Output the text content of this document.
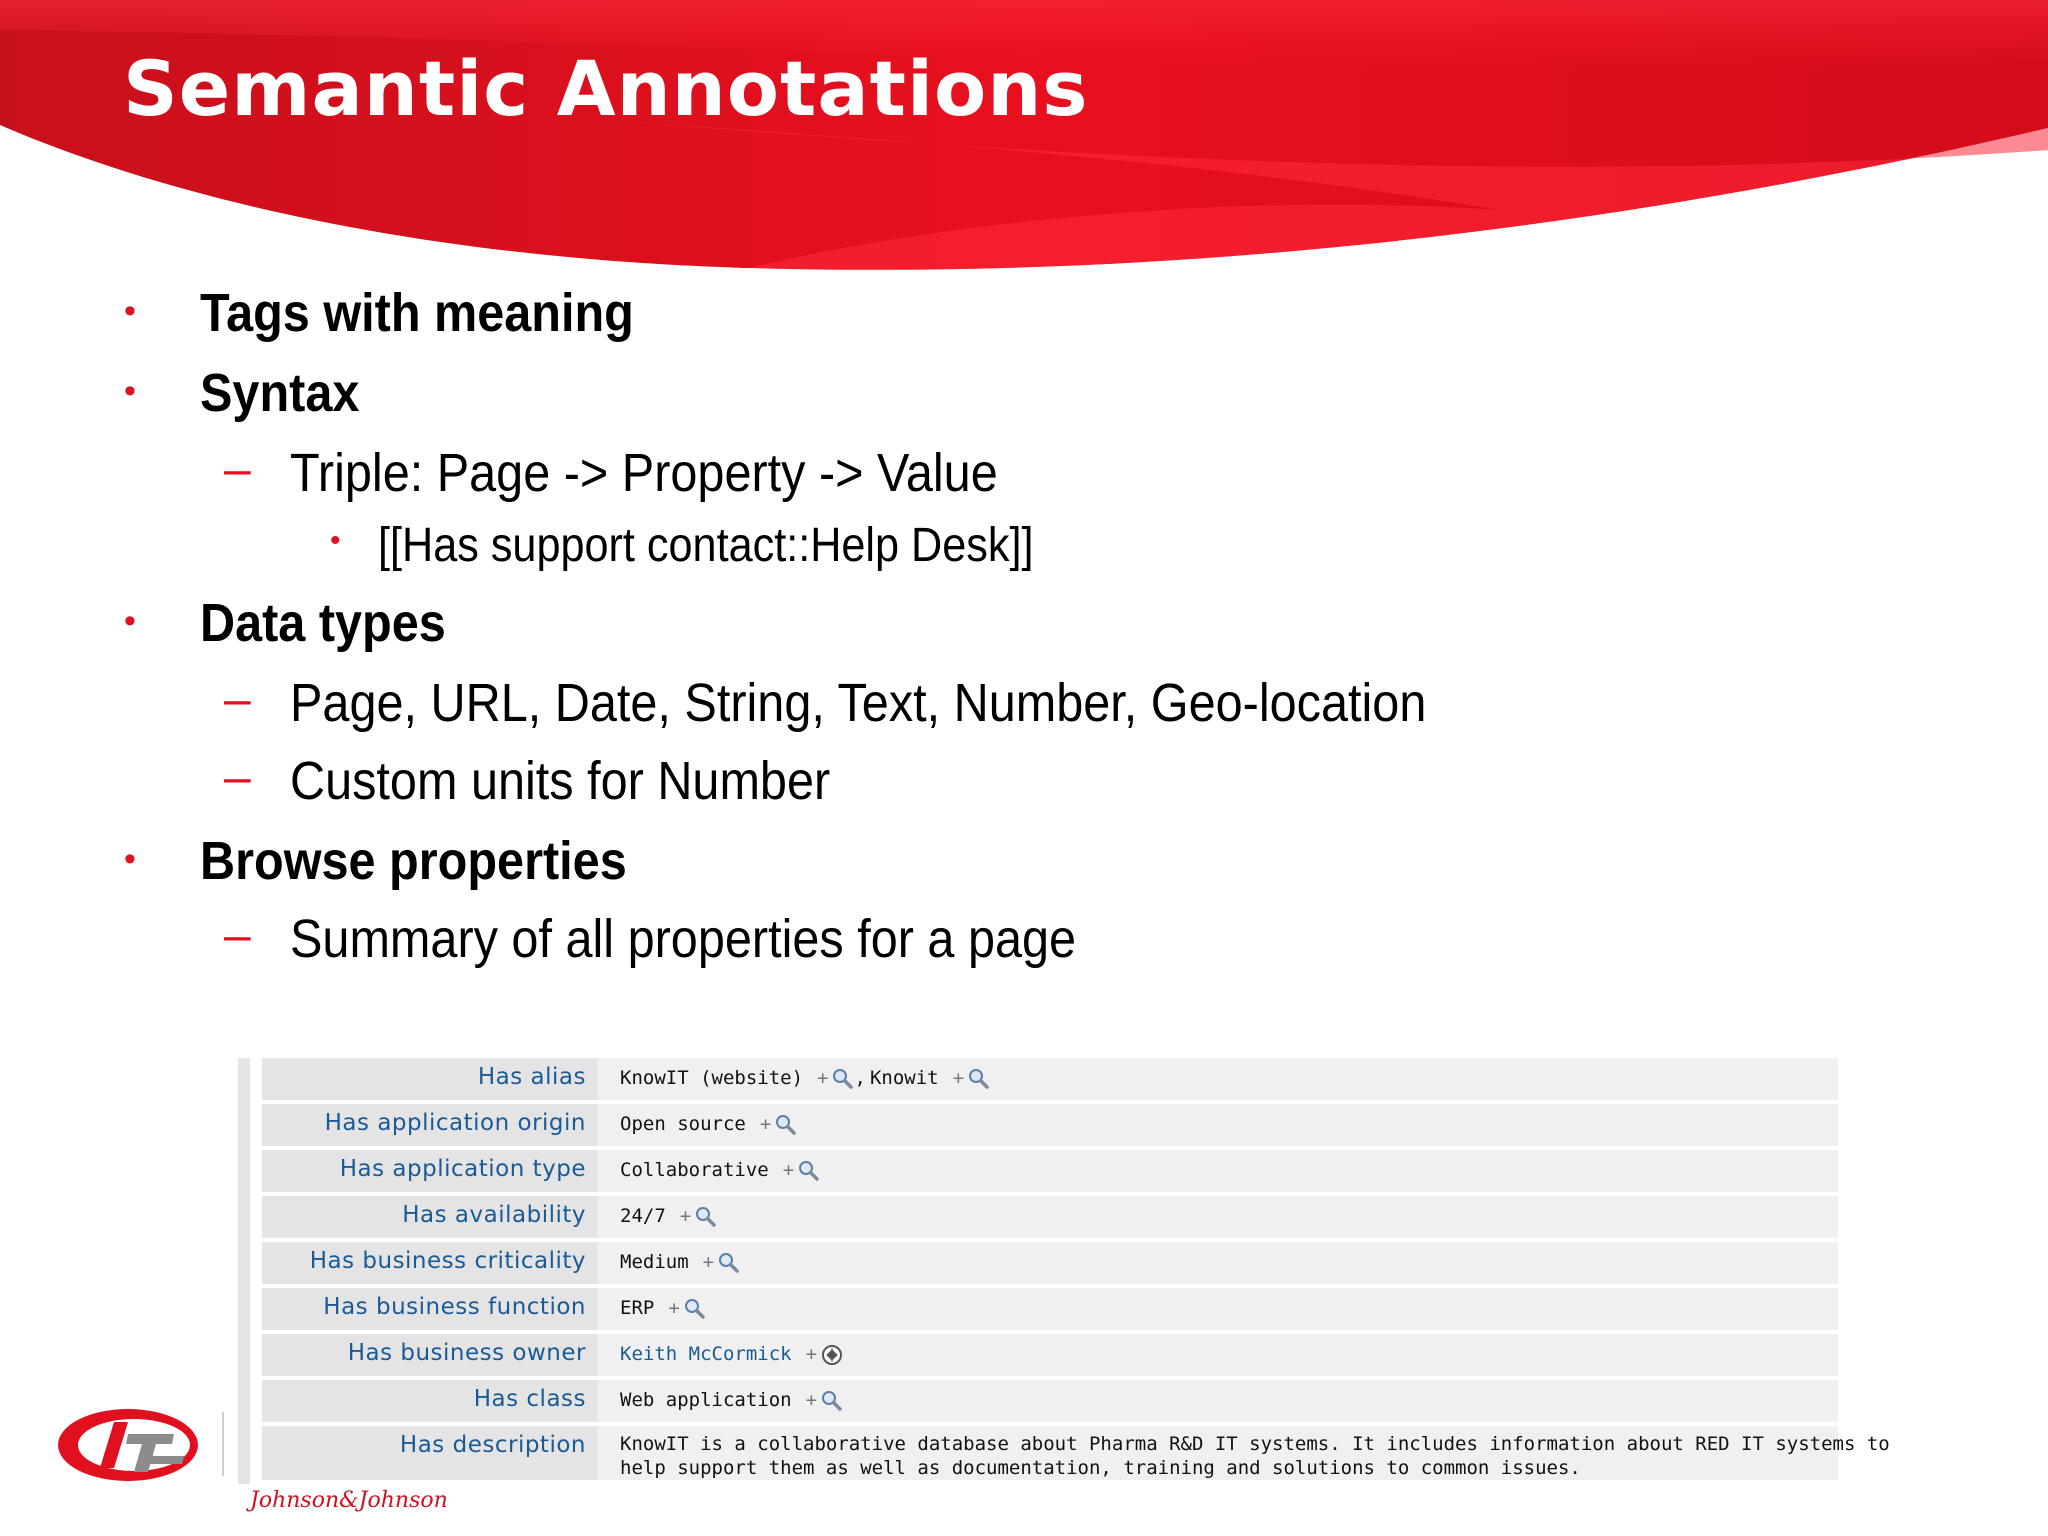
Semantic Annotations
• Tags with meaning
• Syntax
– Triple: Page -> Property -> Value
• [[Has support contact::Help Desk]]
• Data types
– Page, URL, Date, String, Text, Number, Geo-location
– Custom units for Number
• Browse properties
– Summary of all properties for a page
Has alias	KnowIT (website) + , Knowit +
Has application origin	Open source +
Has application type	Collaborative +
Has availability	24/7 +
Has business criticality	Medium +
Has business function	ERP +
Has business owner	Keith McCormick +
Has class	Web application +
Has description	KnowIT is a collaborative database about Pharma R&D IT systems. It includes information about RED IT systems to
help support them as well as documentation, training and solutions to common issues.
Johnson&Johnson
